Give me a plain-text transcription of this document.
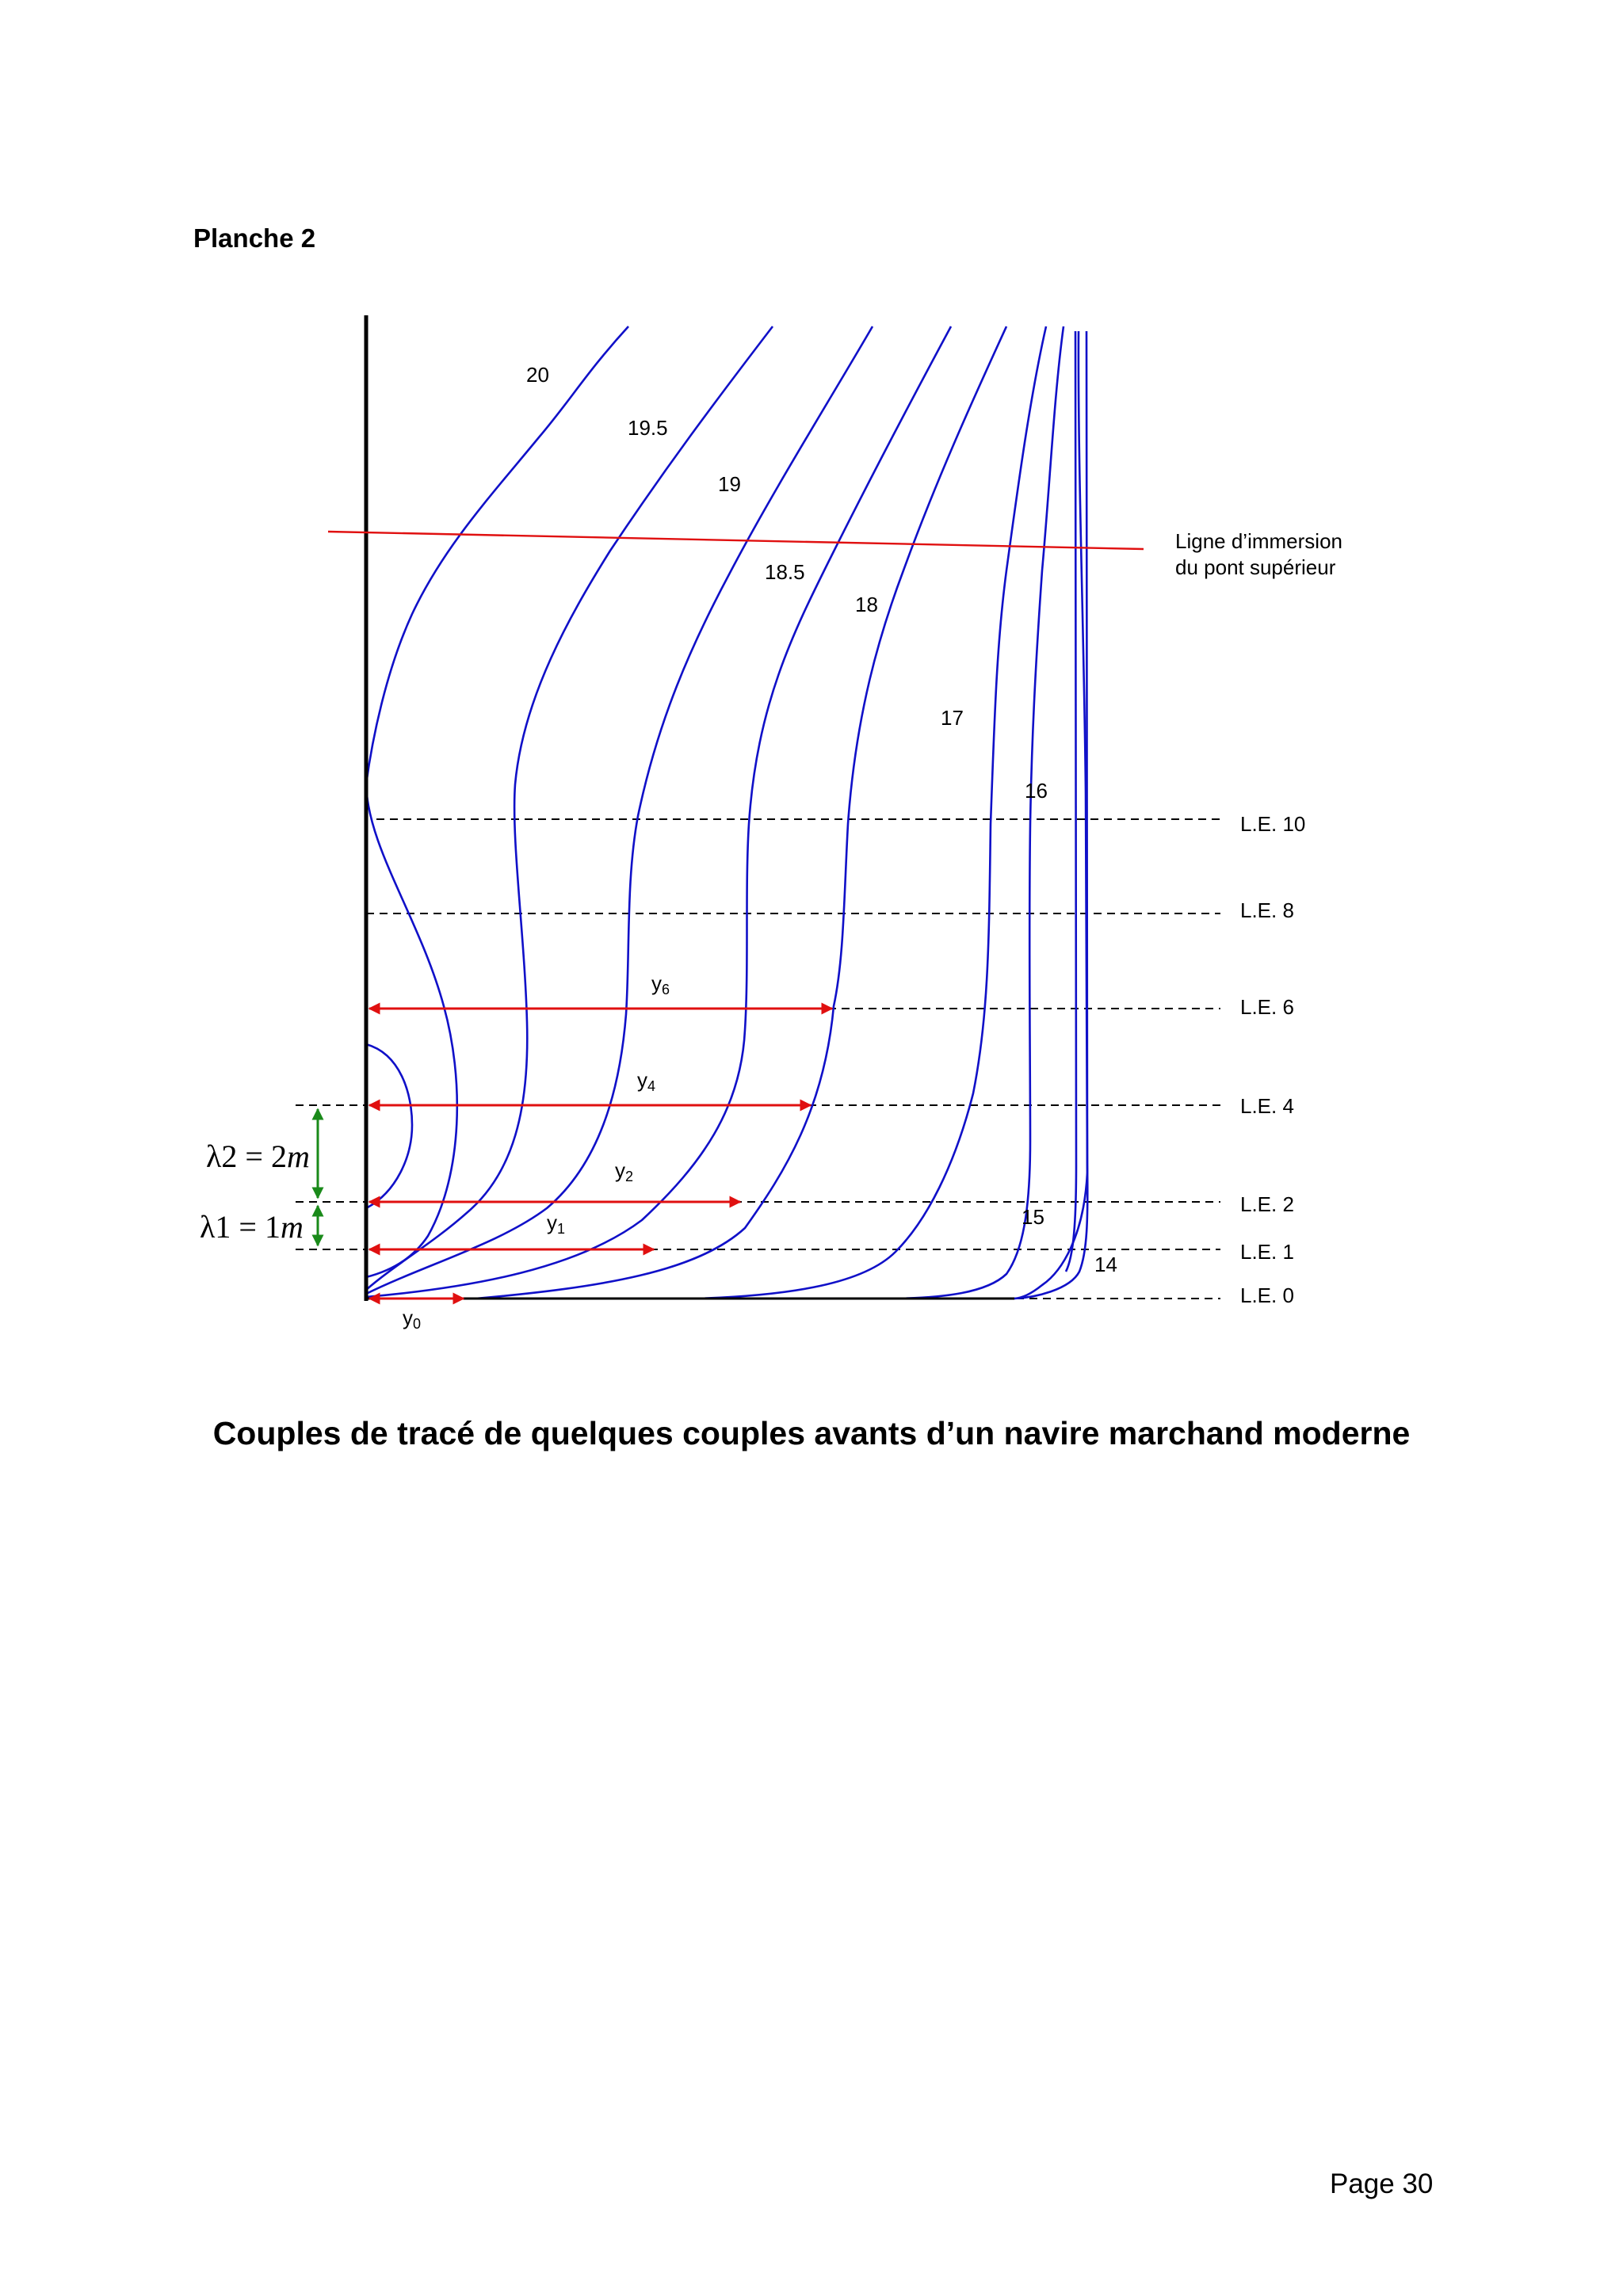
Planche 2
20
19.5
19
18.5
18
17
16
15
14
Ligne d’immersion
du pont supérieur
L.E. 10
L.E. 8
L.E. 6
L.E. 4
L.E. 2
L.E. 1
L.E. 0
y6
y4
y2
y1
y0
λ2 = 2m
λ1 = 1m
Couples de tracé de quelques couples avants d’un navire marchand moderne
Page 30
